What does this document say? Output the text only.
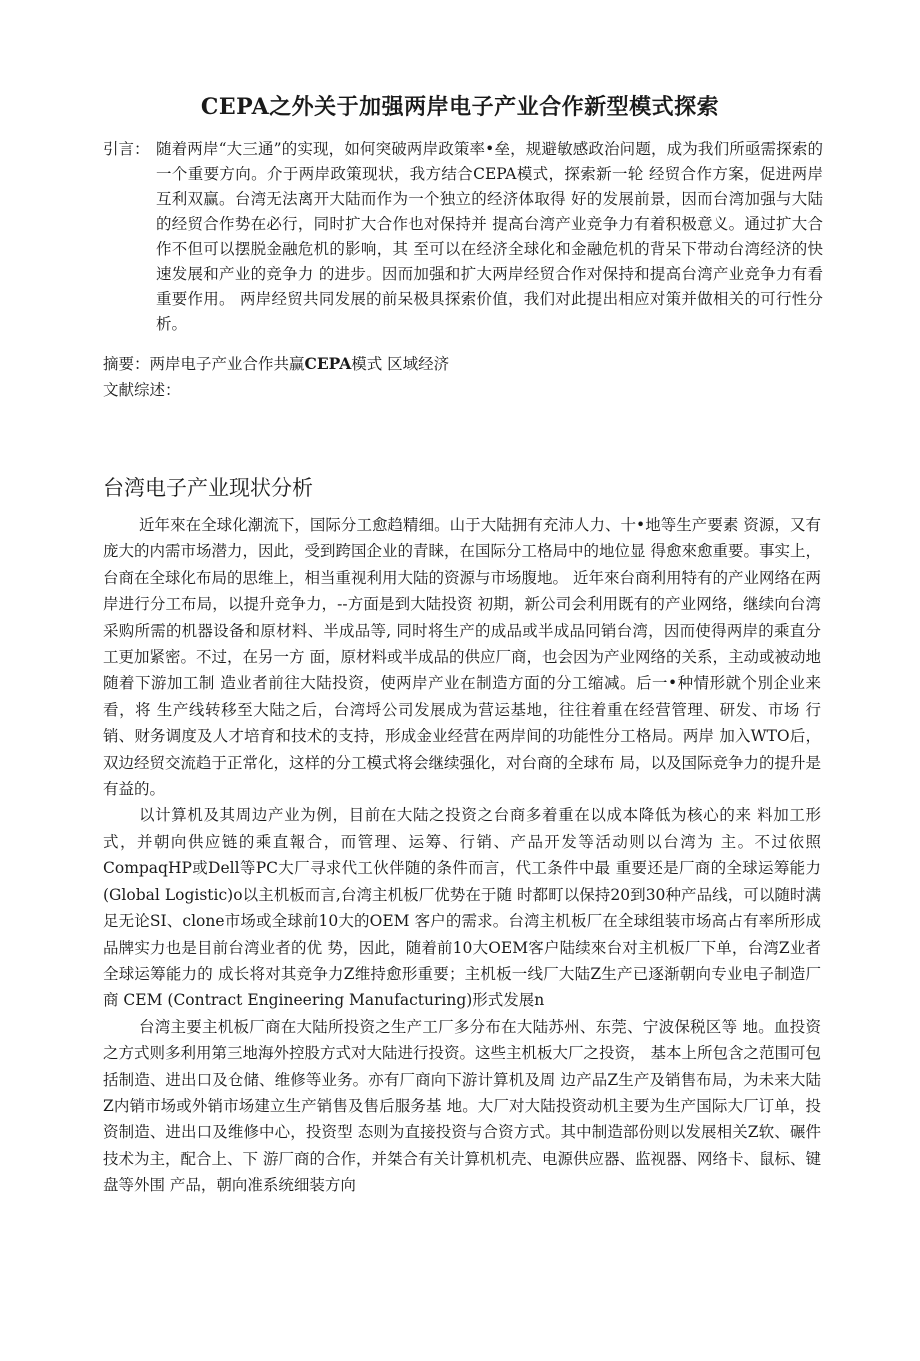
CEPA之外关于加强两岸电子产业合作新型模式探索
引言： 随着两岸“大三通”的实现，如何突破两岸政策率•垒，规避敏感政治问题，成为我们所亟需探索的一个重要方向。介于两岸政策现状，我方结合CEPA模式，探索新一轮 经贸合作方案，促进两岸互利双赢。台湾无法离开大陆而作为一个独立的经济体取得 好的发展前景，因而台湾加强与大陆的经贸合作势在必行，同时扩大合作也对保持并 提高台湾产业竞争力有着积极意义。通过扩大合作不但可以摆脱金融危机的影响，其 至可以在经济全球化和金融危机的背呆下带动台湾经济的快速发展和产业的竞争力 的进步。因而加强和扩大两岸经贸合作对保持和提高台湾产业竞争力有看重要作用。 两岸经贸共同发展的前呆极具探索价值，我们对此提出相应对策并做相关的可行性分 析。
摘要：两岸电子产业合作共赢CEPA模式 区域经济
文献综述：
台湾电子产业现状分析

近年來在全球化潮流下，国际分工愈趋精细。山于大陆拥有充沛人力、十•地等生产要素 资源，又有庞大的内需市场潜力，因此，受到跨国企业的青睐，在国际分工格局中的地位显 得愈來愈重要。事实上，台商在全球化布局的思维上，相当重视利用大陆的资源与市场腹地。 近年來台商利用特有的产业网络在两岸进行分工布局，以提升竞争力，--方面是到大陆投资 初期，新公司会利用既有的产业网络，继续向台湾采购所需的机器设备和原材料、半成品等, 同时将生产的成品或半成品冋销台湾，因而使得两岸的乘直分工更加紧密。不过，在另一方 面，原材料或半成品的供应厂商，也会因为产业网络的关系，主动或被动地随着下游加工制 造业者前往大陆投资，使两岸产业在制造方面的分工缩减。后一•种情形就个別企业来看，将 生产线转移至大陆之后，台湾埒公司发展成为营运基地，往往着重在经营管理、研发、市场 行销、财务调度及人才培育和技术的支持，形成金业经营在两岸间的功能性分工格局。两岸 加入WTO后，双边经贸交流趋于正常化，这样的分工模式将会继续强化，对台商的全球布 局，以及国际竞争力的提升是有益的。

以计算机及其周边产业为例，目前在大陆之投资之台商多着重在以成本降低为核心的来 料加工形式，并朝向供应链的乘直報合，而管理、运筹、行销、产品开发等活动则以台湾为 主。不过依照CompaqHP或Dell等PC大厂寻求代工伙伴随的条件而言，代工条件中最 重要还是厂商的全球运筹能力(Global Logistic)o以主机板而言,台湾主机板厂优势在于随 时都町以保持20到30种产品线，可以随时满足无论SI、clone市场或全球前10大的OEM 客户的需求。台湾主机板厂在全球组装市场高占有率所形成品牌实力也是目前台湾业者的优 势，因此，随着前10大OEM客户陆续來台对主机板厂下单，台湾Z业者全球运筹能力的 成长将对其竞争力Z维持愈形重要；主机板一线厂大陆Z生产已逐渐朝向专业电子制造厂商 CEM (Contract Engineering Manufacturing)形式发展n

台湾主要主机板厂商在大陆所投资之生产工厂多分布在大陆苏州、东莞、宁波保税区等 地。血投资之方式则多利用第三地海外控股方式对大陆进行投资。这些主机板大厂之投资， 基本上所包含之范围可包括制造、进出口及仓储、维修等业务。亦有厂商向下游计算机及周 边产品Z生产及销售布局，为未来大陆Z内销市场或外销市场建立生产销售及售后服务基 地。大厂对大陆投资动机主要为生产国际大厂订单，投资制造、进出口及维修中心，投资型 态则为直接投资与合资方式。其中制造部份则以发展相关Z软、碾件技术为主，配合上、下 游厂商的合作，并桀合有关计算机机壳、电源供应器、监视器、网络卡、鼠标、键盘等外围 产品，朝向准系统细装方向
